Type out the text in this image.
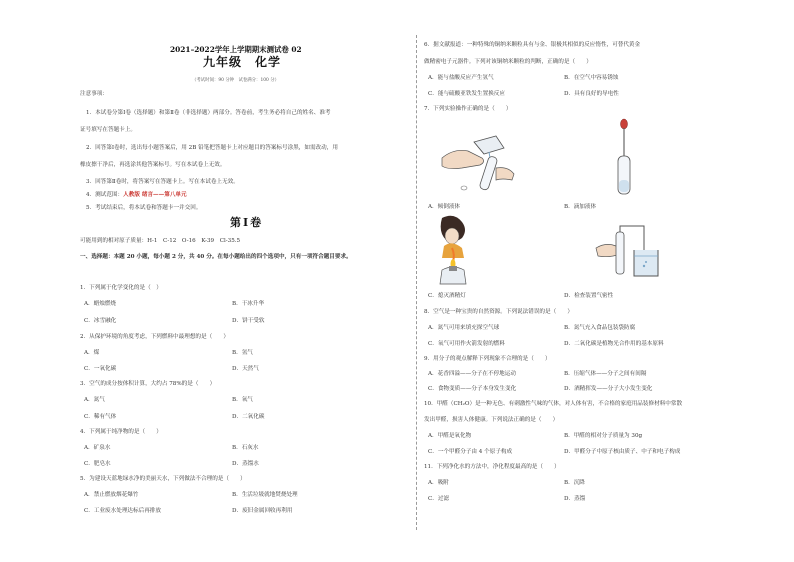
2021–2022学年上学期期末测试卷 02
九年级　化学
（考试时间：90 分钟　试卷满分：100 分）
注意事项：
1．本试卷分第Ⅰ卷（选择题）和第Ⅱ卷（非选择题）两部分。答卷前，考生务必将自己的姓名、准考
证号填写在答题卡上。
2．回答第Ⅰ卷时，选出每小题答案后，用 2B 铅笔把答题卡上对应题目的答案标号涂黑，如需改动，用
橡皮擦干净后，再选涂其他答案标号。写在本试卷上无效。
3．回答第Ⅱ卷时，将答案写在答题卡上。写在本试卷上无效。
4．测试范围：人教版 绪言——第八单元
5．考试结束后，将本试卷和答题卡一并交回。
第Ⅰ卷
可能用到的相对原子质量：H-1　C-12　O-16　K-39　Cl-35.5
一、选择题：本题 20 小题，每小题 2 分，共 40 分。在每小题给出的四个选项中，只有一项符合题目要求。
1．下列属于化学变化的是（　）
A．蜡烛燃烧	B．干冰升华
C．冰雪融化	D．饼干受软
2．从保护环境的角度考虑，下列燃料中最理想的是（　　）
A．煤	B．氢气
C．一氧化碳	D．天然气
3．空气的成分按体积计算，大约占 78%的是（　　）
A．氮气	B．氧气
C．稀有气体	D．二氧化碳
4．下列属于纯净物的是（　　）
A．矿泉水	B．石灰水
C．肥皂水	D．蒸馏水
5．为建设天蓝地绿水净的美丽天水，下列做法不合理的是（　　）
A．禁止燃放烟花爆竹	B．生活垃圾就地焚烧处理
C．工业废水处理达标后再排放	D．废旧金属回收再利用
6．据文献报道：一种特殊的铜纳米颗粒具有与金、银极其相似的反应惰性，可替代黄金
做精密电子元器件。下列对该铜纳米颗粒的判断，正确的是（　　）
A．能与盐酸反应产生氢气	B．在空气中容易锈蚀
C．能与硫酸亚铁发生置换反应	D．具有良好的导电性
7．下列实验操作正确的是（　　）
A．倾倒液体	B．滴加液体
C．熄灭酒精灯	D．检查装置气密性
8．空气是一种宝贵的自然资源。下列说法错误的是（　　）
A．氮气可用来填充探空气球	B．氮气充入食品包装袋防腐
C．氧气可用作火箭发射的燃料	D．二氧化碳是植物光合作用的基本原料
9．用分子的观点解释下列现象不合理的是（　　）
A．花香四溢——分子在不停地运动	B．压缩气体——分子之间有间隔
C．食物变质——分子本身发生变化	D．酒精挥发——分子大小发生变化
10．甲醛（CH₂O）是一种无色、有刺激性气味的气体，对人体有害，不合格的家庭用品装修材料中常散
发出甲醛，损害人体健康。下列说法正确的是（　　）
A．甲醛是氧化物	B．甲醛的相对分子质量为 30g
C．一个甲醛分子由 4 个原子构成	D．甲醛分子中原子核由质子、中子和电子构成
11．下列净化水的方法中，净化程度最高的是（　　）
A．吸附	B．沉降
C．过滤	D．蒸馏
